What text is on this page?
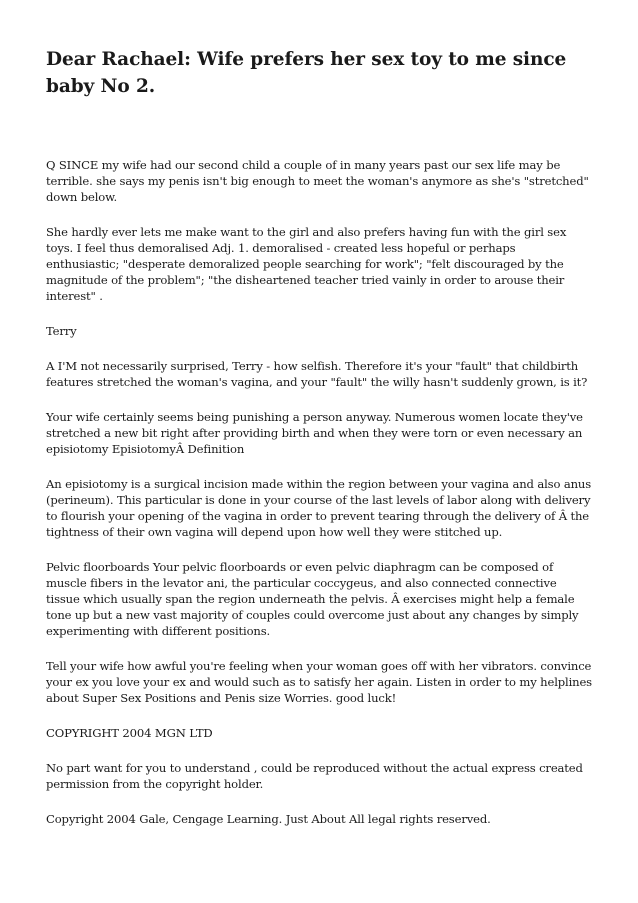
Dear Rachael: Wife prefers her sex toy to me since baby No 2.

Q SINCE my wife had our second child a couple of in many years past our sex life may be terrible. she says my penis isn't big enough to meet the woman's anymore as she's "stretched" down below.

She hardly ever lets me make want to the girl and also prefers having fun with the girl sex toys. I feel thus demoralised Adj. 1. demoralised - created less hopeful or perhaps enthusiastic; "desperate demoralized people searching for work"; "felt discouraged by the magnitude of the problem"; "the disheartened teacher tried vainly in order to arouse their interest" .

Terry

A I'M not necessarily surprised, Terry - how selfish. Therefore it's your "fault" that childbirth features stretched the woman's vagina, and your "fault" the willy hasn't suddenly grown, is it?

Your wife certainly seems being punishing a person anyway. Numerous women locate they've stretched a new bit right after providing birth and when they were torn or even necessary an episiotomy EpisiotomyÂ Definition

An episiotomy is a surgical incision made within the region between your vagina and also anus (perineum). This particular is done in your course of the last levels of labor along with delivery to flourish your opening of the vagina in order to prevent tearing through the delivery of Â the tightness of their own vagina will depend upon how well they were stitched up.

Pelvic floorboards Your pelvic floorboards or even pelvic diaphragm can be composed of muscle fibers in the levator ani, the particular coccygeus, and also connected connective tissue which usually span the region underneath the pelvis. Â exercises might help a female tone up but a new vast majority of couples could overcome just about any changes by simply experimenting with different positions.

Tell your wife how awful you're feeling when your woman goes off with her vibrators. convince your ex you love your ex and would such as to satisfy her again. Listen in order to my helplines about Super Sex Positions and Penis size Worries. good luck!

COPYRIGHT 2004 MGN LTD

No part want for you to understand , could be reproduced without the actual express created permission from the copyright holder.

Copyright 2004 Gale, Cengage Learning. Just About All legal rights reserved.
